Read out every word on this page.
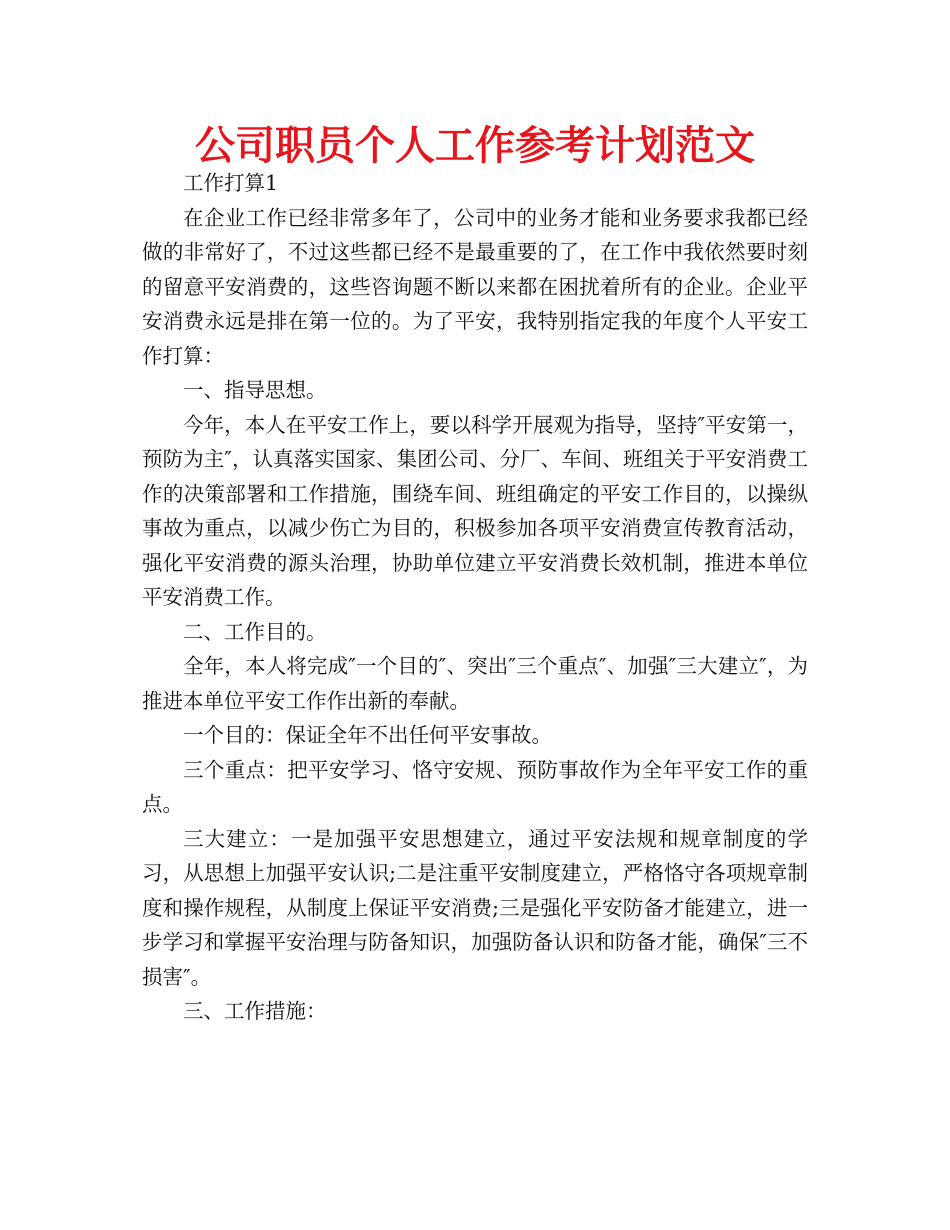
公司职员个人工作参考计划范文

工作打算1

在企业工作已经非常多年了，公司中的业务才能和业务要求我都已经做的非常好了，不过这些都已经不是最重要的了，在工作中我依然要时刻的留意平安消费的，这些咨询题不断以来都在困扰着所有的企业。企业平安消费永远是排在第一位的。为了平安，我特别指定我的年度个人平安工作打算：

一、指导思想。

今年，本人在平安工作上，要以科学开展观为指导，坚持″平安第一，预防为主″，认真落实国家、集团公司、分厂、车间、班组关于平安消费工作的决策部署和工作措施，围绕车间、班组确定的平安工作目的，以操纵事故为重点，以减少伤亡为目的，积极参加各项平安消费宣传教育活动，强化平安消费的源头治理，协助单位建立平安消费长效机制，推进本单位平安消费工作。

二、工作目的。

全年，本人将完成″一个目的″、突出″三个重点″、加强″三大建立″，为推进本单位平安工作作出新的奉献。

一个目的：保证全年不出任何平安事故。

三个重点：把平安学习、恪守安规、预防事故作为全年平安工作的重点。

三大建立：一是加强平安思想建立，通过平安法规和规章制度的学习，从思想上加强平安认识;二是注重平安制度建立，严格恪守各项规章制度和操作规程，从制度上保证平安消费;三是强化平安防备才能建立，进一步学习和掌握平安治理与防备知识，加强防备认识和防备才能，确保″三不损害″。

三、工作措施：
